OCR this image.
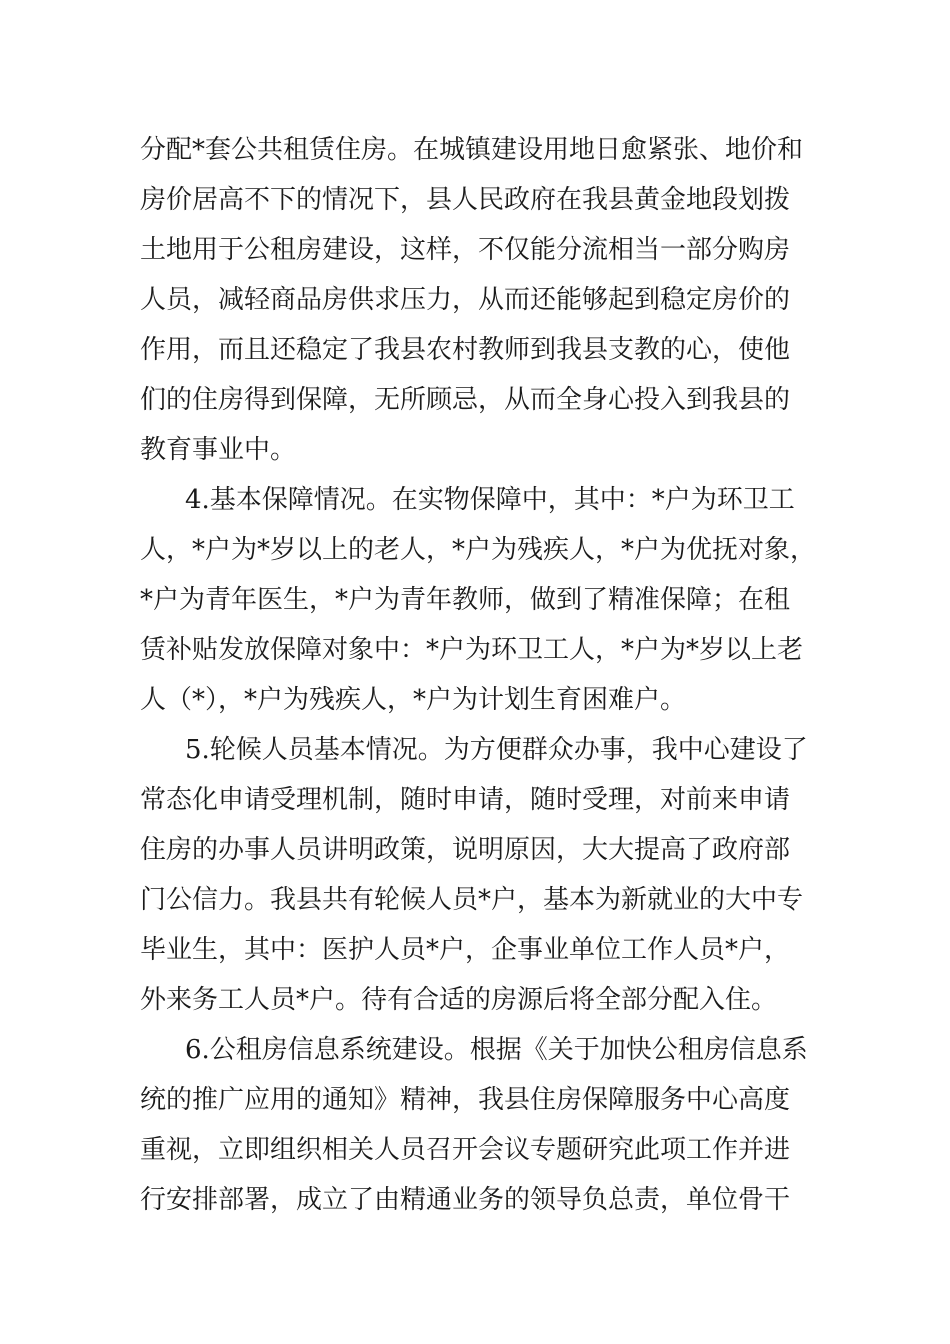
分配*套公共租赁住房。在城镇建设用地日愈紧张、地价和
房价居高不下的情况下，县人民政府在我县黄金地段划拨
土地用于公租房建设，这样，不仅能分流相当一部分购房
人员，减轻商品房供求压力，从而还能够起到稳定房价的
作用，而且还稳定了我县农村教师到我县支教的心，使他
们的住房得到保障，无所顾忌，从而全身心投入到我县的
教育事业中。
4.基本保障情况。在实物保障中，其中：*户为环卫工
人，*户为*岁以上的老人，*户为残疾人，*户为优抚对象，
*户为青年医生，*户为青年教师，做到了精准保障；在租
赁补贴发放保障对象中：*户为环卫工人，*户为*岁以上老
人（*），*户为残疾人，*户为计划生育困难户。
5.轮候人员基本情况。为方便群众办事，我中心建设了
常态化申请受理机制，随时申请，随时受理，对前来申请
住房的办事人员讲明政策，说明原因，大大提高了政府部
门公信力。我县共有轮候人员*户，基本为新就业的大中专
毕业生，其中：医护人员*户，企事业单位工作人员*户，
外来务工人员*户。待有合适的房源后将全部分配入住。
6.公租房信息系统建设。根据《关于加快公租房信息系
统的推广应用的通知》精神，我县住房保障服务中心高度
重视，立即组织相关人员召开会议专题研究此项工作并进
行安排部署，成立了由精通业务的领导负总责，单位骨干
